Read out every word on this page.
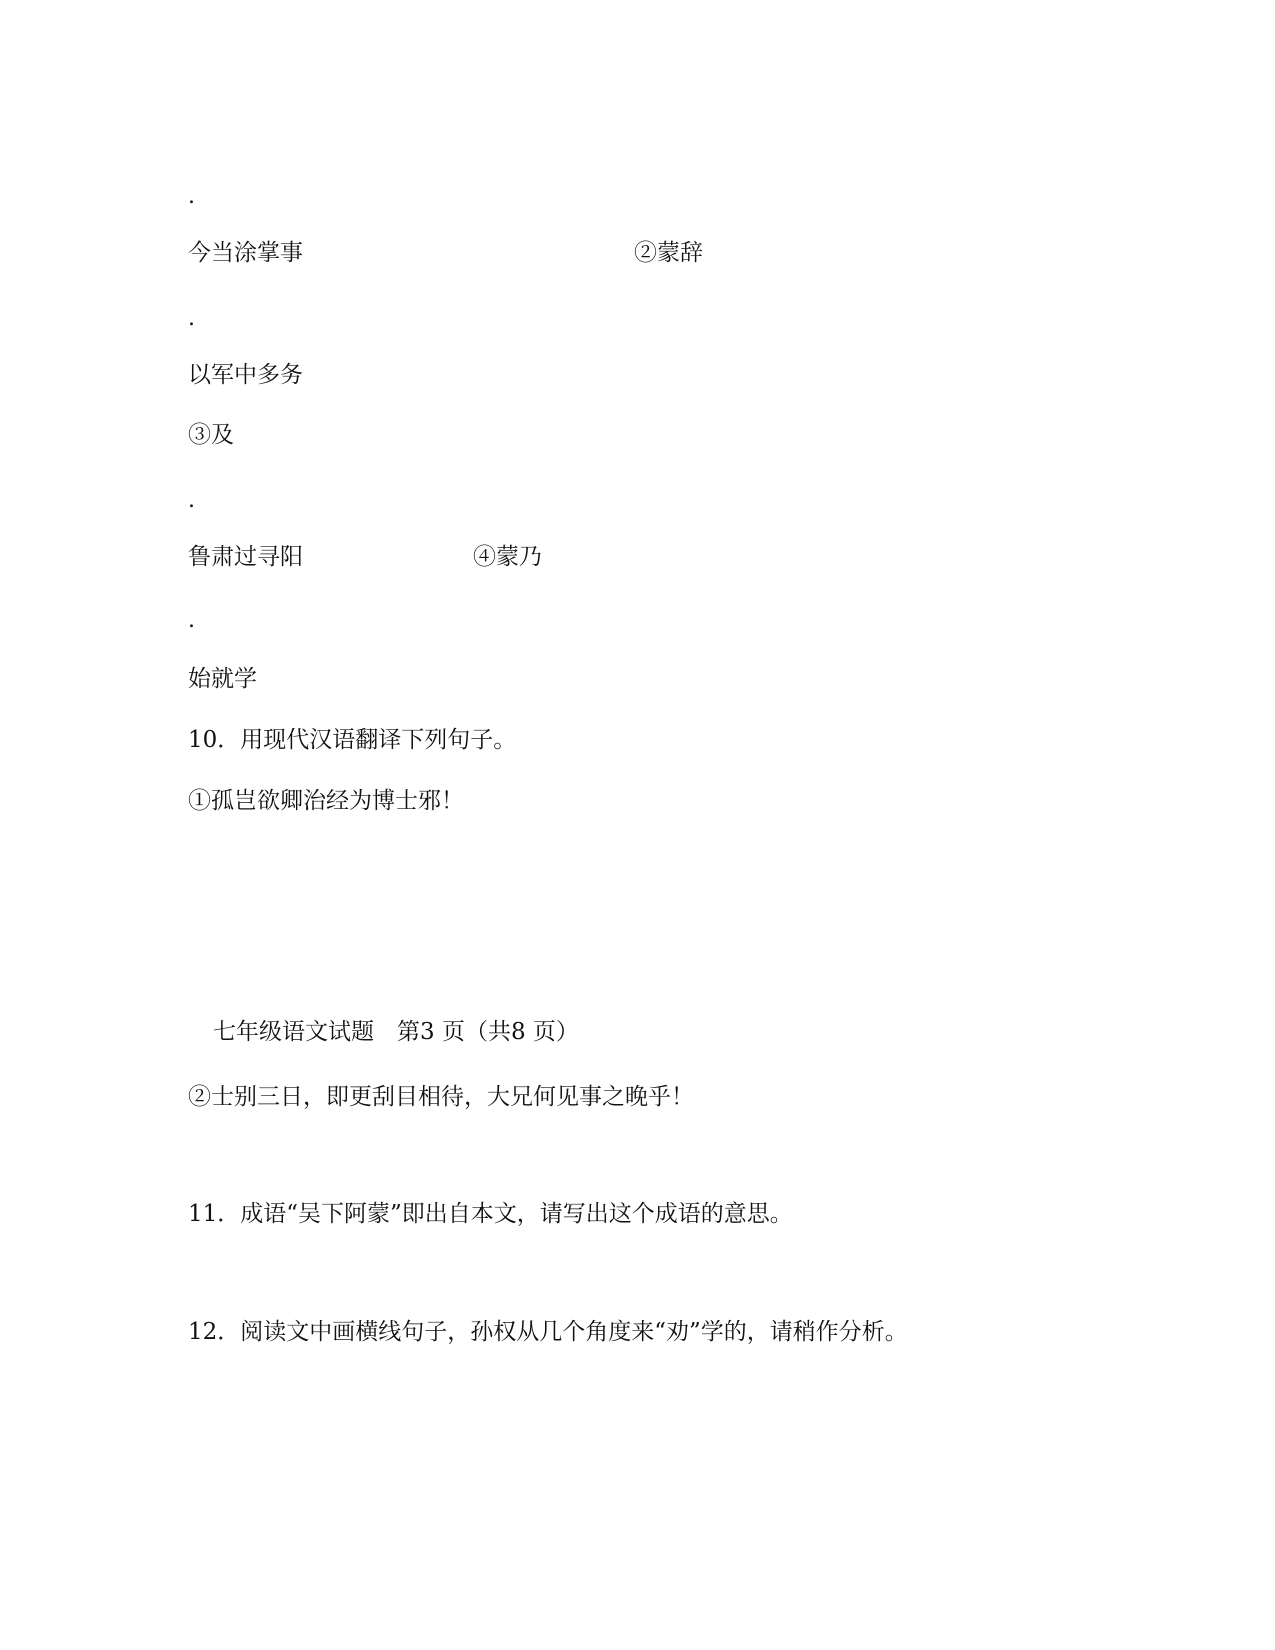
.
今当涂掌事	②蒙辞
.
以军中多务
③及
.
鲁肃过寻阳	④蒙乃
.
始就学
10．用现代汉语翻译下列句子。
①孤岂欲卿治经为博士邪！
七年级语文试题　第3 页（共8 页）
②士别三日，即更刮目相待，大兄何见事之晚乎！
11．成语“吴下阿蒙”即出自本文，请写出这个成语的意思。
12．阅读文中画横线句子，孙权从几个角度来“劝”学的，请稍作分析。
